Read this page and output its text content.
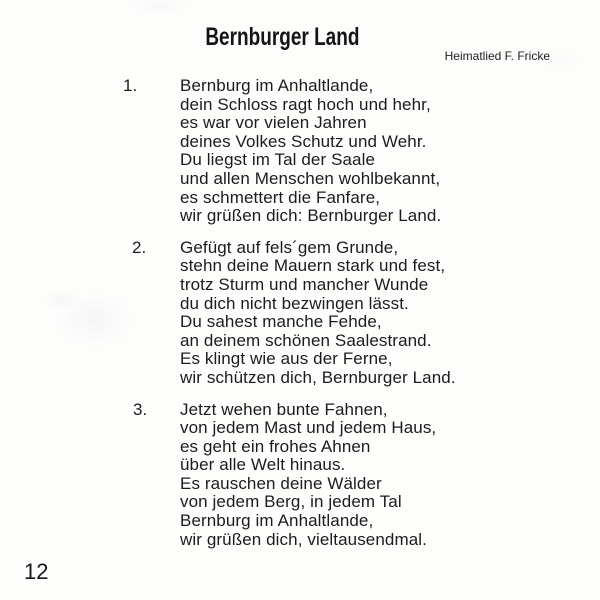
Bernburger Land
Heimatlied F. Fricke
1.	Bernburg im Anhaltlande,
dein Schloss ragt hoch und hehr,
es war vor vielen Jahren
deines Volkes Schutz und Wehr.
Du liegst im Tal der Saale
und allen Menschen wohlbekannt,
es schmettert die Fanfare,
wir grüßen dich: Bernburger Land.
2. Gefügt auf fels´gem Grunde,
stehn deine Mauern stark und fest,
trotz Sturm und mancher Wunde
du dich nicht bezwingen lässt.
Du sahest manche Fehde,
an deinem schönen Saalestrand.
Es klingt wie aus der Ferne,
wir schützen dich, Bernburger Land.
3. Jetzt wehen bunte Fahnen,
von jedem Mast und jedem Haus,
es geht ein frohes Ahnen
über alle Welt hinaus.
Es rauschen deine Wälder
von jedem Berg, in jedem Tal
Bernburg im Anhaltlande,
wir grüßen dich, vieltausendmal.
12
